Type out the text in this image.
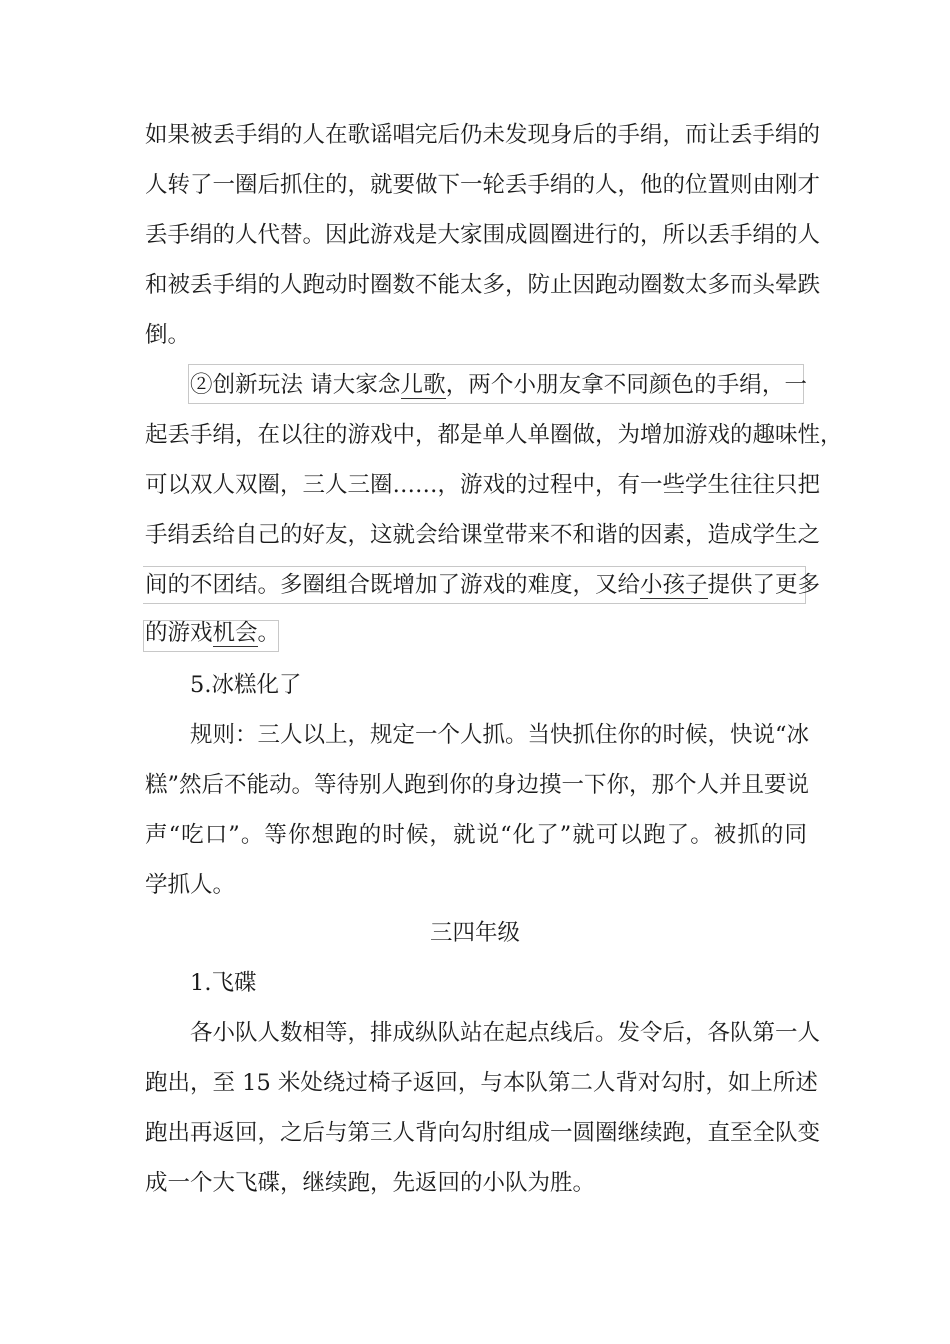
如果被丢手绢的人在歌谣唱完后仍未发现身后的手绢，而让丢手绢的
人转了一圈后抓住的，就要做下一轮丢手绢的人，他的位置则由刚才
丢手绢的人代替。因此游戏是大家围成圆圈进行的，所以丢手绢的人
和被丢手绢的人跑动时圈数不能太多，防止因跑动圈数太多而头晕跌
倒。
②创新玩法 请大家念儿歌，两个小朋友拿不同颜色的手绢，一
起丢手绢，在以往的游戏中，都是单人单圈做，为增加游戏的趣味性，
可以双人双圈，三人三圈……，游戏的过程中，有一些学生往往只把
手绢丢给自己的好友，这就会给课堂带来不和谐的因素，造成学生之
间的不团结。多圈组合既增加了游戏的难度，又给小孩子提供了更多
的游戏机会。
5.冰糕化了
规则：三人以上，规定一个人抓。当快抓住你的时候，快说“冰
糕”然后不能动。等待别人跑到你的身边摸一下你，那个人并且要说
声“吃口”。等你想跑的时候，就说“化了”就可以跑了。被抓的同
学抓人。
三四年级
1.飞碟
各小队人数相等，排成纵队站在起点线后。发令后，各队第一人
跑出，至 15 米处绕过椅子返回，与本队第二人背对勾肘，如上所述
跑出再返回，之后与第三人背向勾肘组成一圆圈继续跑，直至全队变
成一个大飞碟，继续跑，先返回的小队为胜。
